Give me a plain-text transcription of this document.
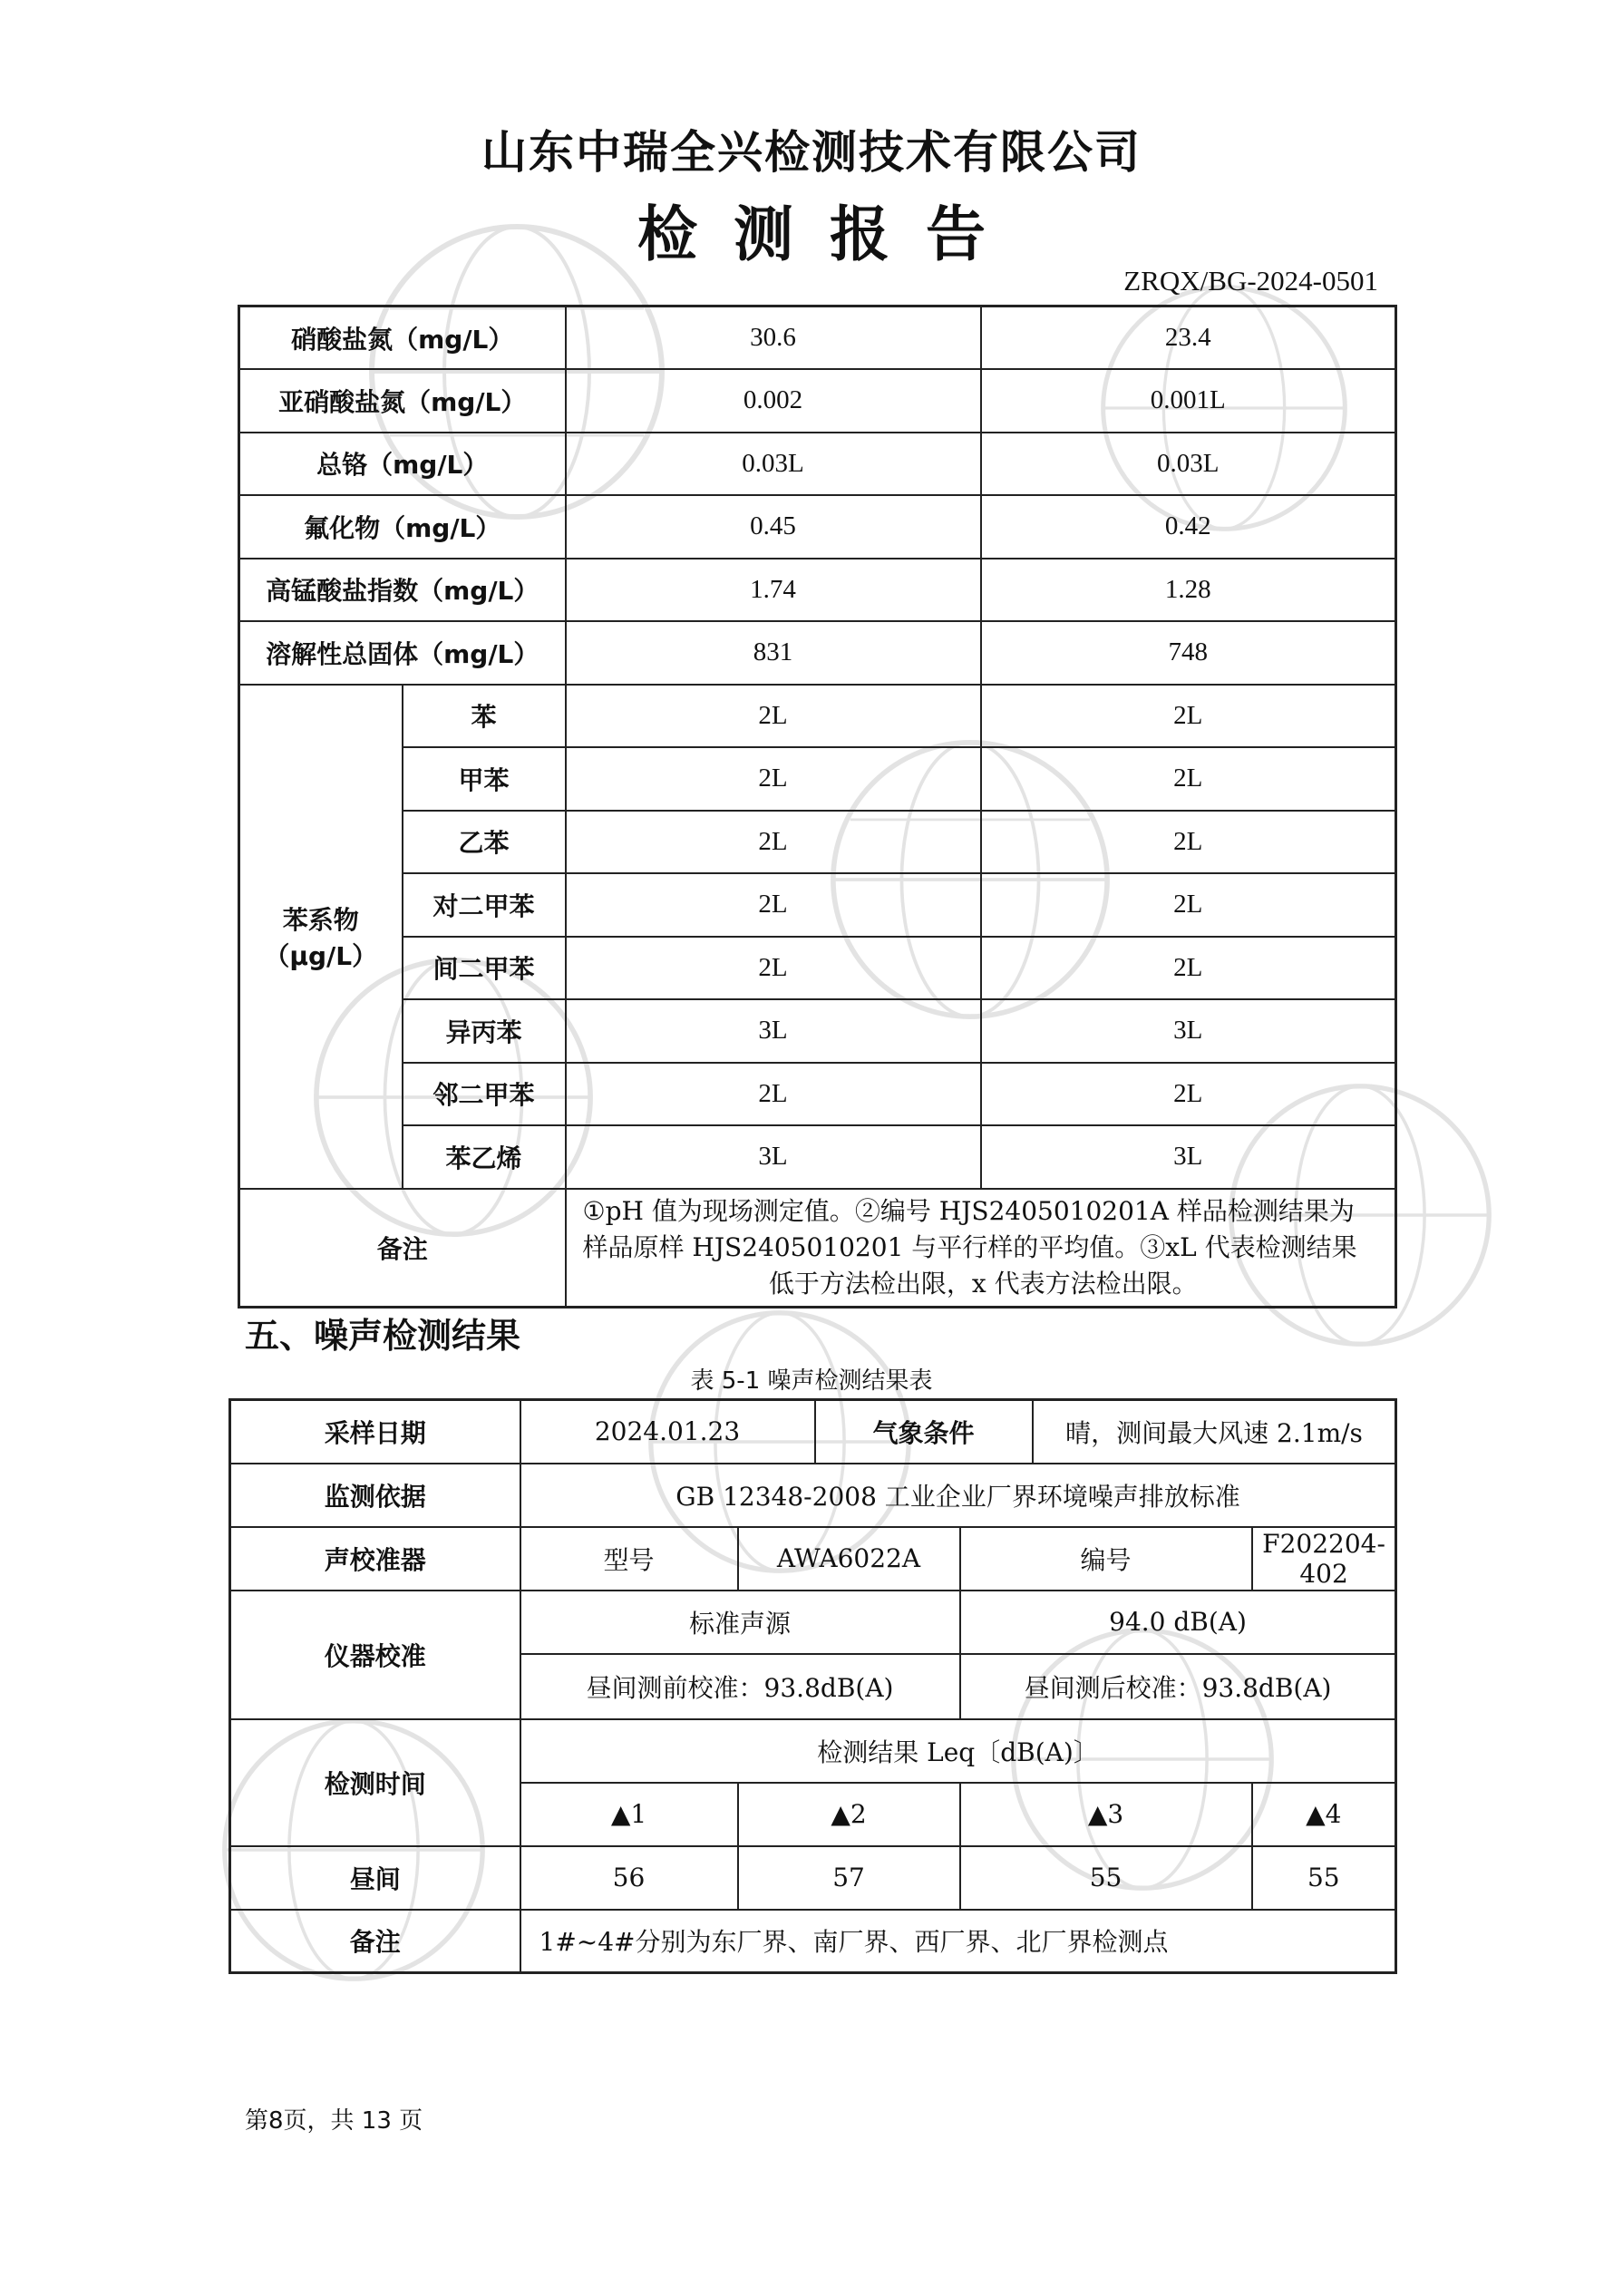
山东中瑞全兴检测技术有限公司
检测报告
ZRQX/BG-2024-0501
硝酸盐氮（mg/L）		30.6	23.4
亚硝酸盐氮（mg/L）		0.002	0.001L
总铬（mg/L）		0.03L	0.03L
氟化物（mg/L）		0.45	0.42
高锰酸盐指数（mg/L）		1.74	1.28
溶解性总固体（mg/L）		831	748

苯系物
（μg/L）	苯	2L	2L
	甲苯	2L	2L
	乙苯	2L	2L
	对二甲苯	2L	2L
	间二甲苯	2L	2L
	异丙苯	3L	3L
	邻二甲苯	2L	2L
	苯乙烯	3L	3L
备注		①pH 值为现场测定值。②编号 HJS2405010201A 样品检测结果为
样品原样 HJS2405010201 与平行样的平均值。③xL 代表检测结果
低于方法检出限，x 代表方法检出限。	
五、噪声检测结果
表 5-1 噪声检测结果表
采样日期	2024.01.23		气象条件		晴，测间最大风速 2.1m/s	
监测依据	GB 12348-2008 工业企业厂界环境噪声排放标准					
声校准器	型号	AWA6022A		编号		F202204-402
仪器校准	标准声源			94.0 dB(A)		
	昼间测前校准：93.8dB(A)			昼间测后校准：93.8dB(A)		
检测时间	检测结果 Leq〔dB(A)〕					
	▲1	▲2		▲3		▲4
昼间	56	57		55		55
备注	1#~4#分别为东厂界、南厂界、西厂界、北厂界检测点					
第8页，共 13 页
